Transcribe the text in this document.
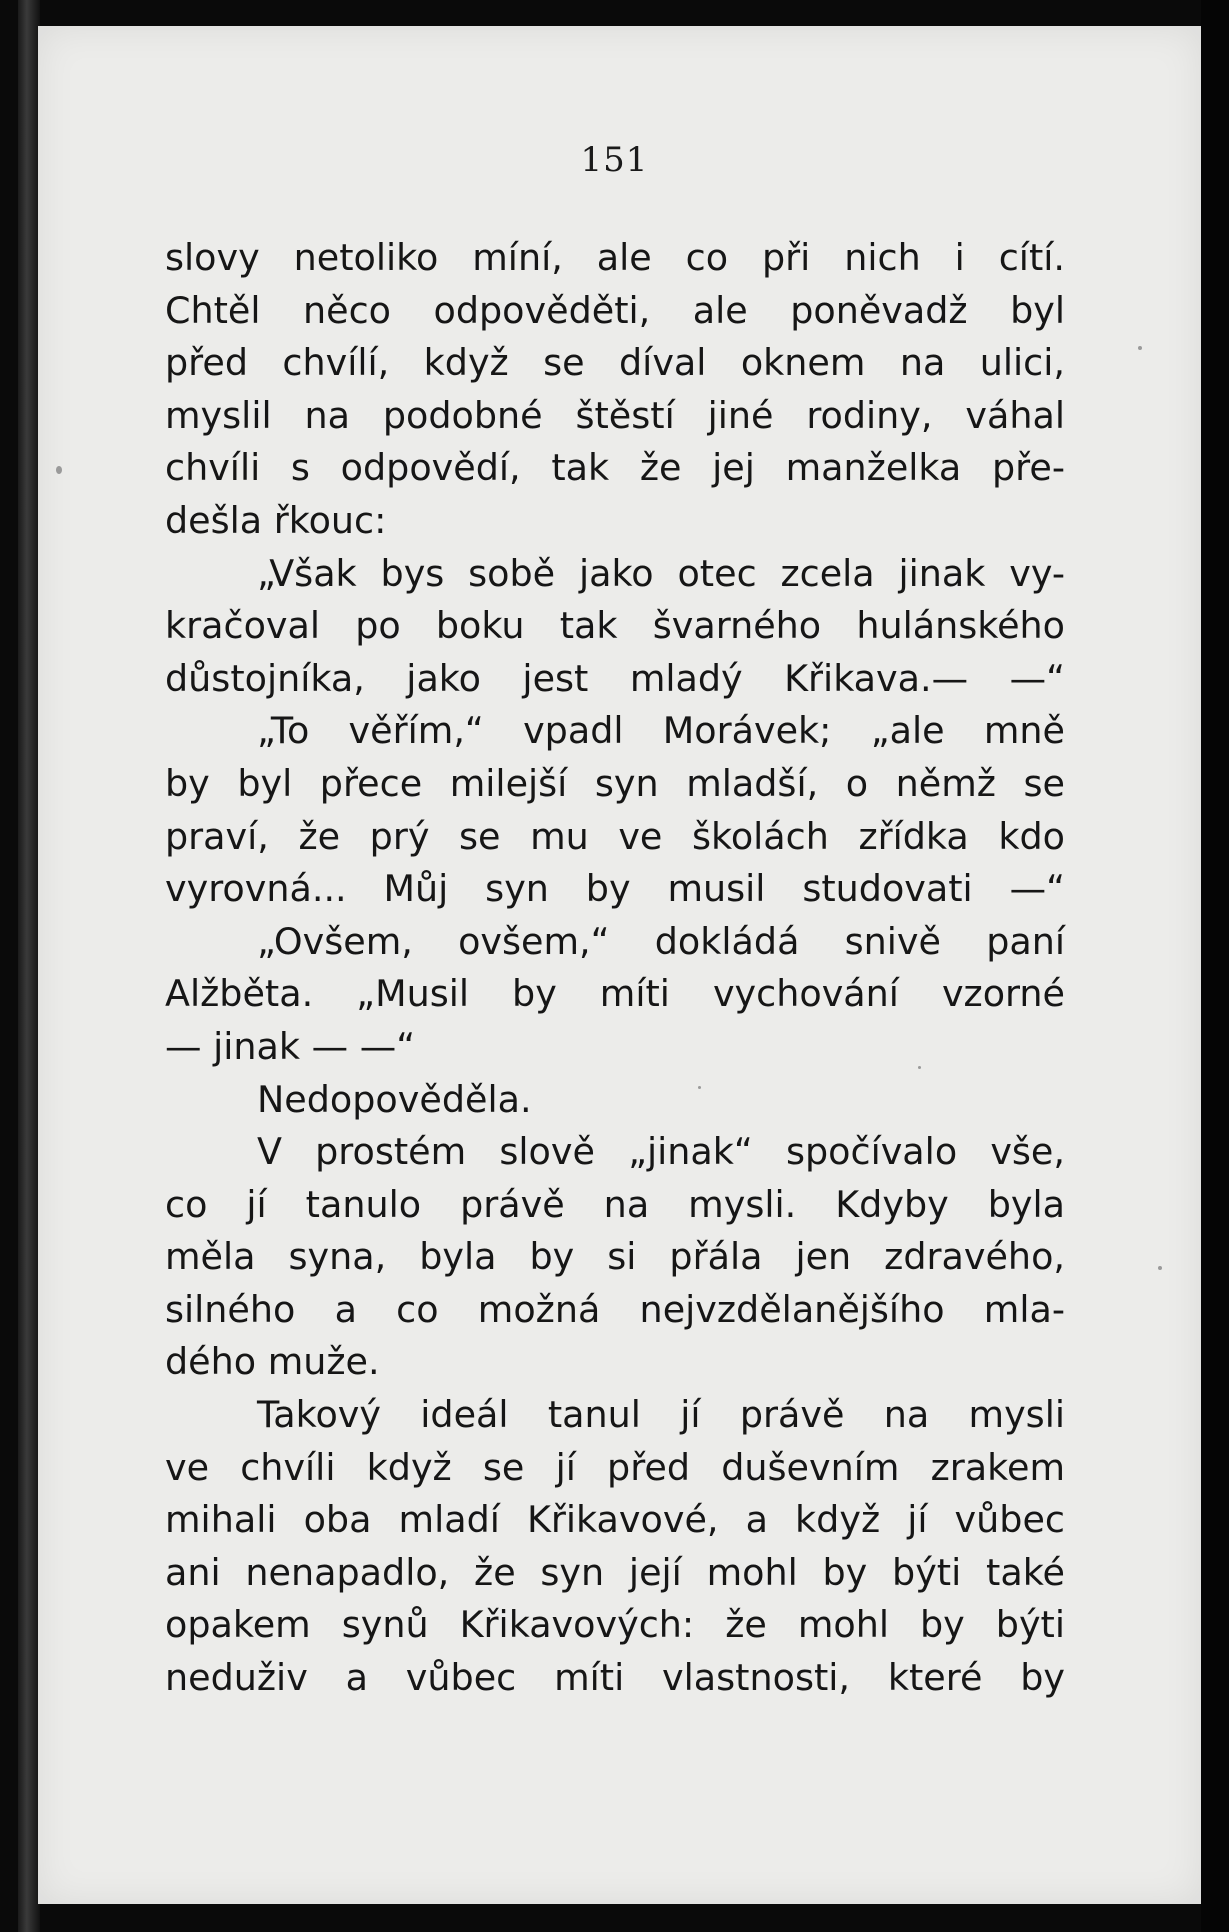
151
slovy netoliko míní, ale co při nich i cítí.
Chtěl něco odpověděti, ale poněvadž byl
před chvílí, když se díval oknem na ulici,
myslil na podobné štěstí jiné rodiny, váhal
chvíli s odpovědí, tak že jej manželka pře-
dešla řkouc:
„Však bys sobě jako otec zcela jinak vy-
kračoval po boku tak švarného hulánského
důstojníka, jako jest mladý Křikava.— —“
„To věřím,“ vpadl Morávek; „ale mně
by byl přece milejší syn mladší, o němž se
praví, že prý se mu ve školách zřídka kdo
vyrovná... Můj syn by musil studovati —“
„Ovšem, ovšem,“ dokládá snivě paní
Alžběta. „Musil by míti vychování vzorné
— jinak — —“
Nedopověděla.
V prostém slově „jinak“ spočívalo vše,
co jí tanulo právě na mysli. Kdyby byla
měla syna, byla by si přála jen zdravého,
silného a co možná nejvzdělanějšího mla-
dého muže.
Takový ideál tanul jí právě na mysli
ve chvíli když se jí před duševním zrakem
mihali oba mladí Křikavové, a když jí vůbec
ani nenapadlo, že syn její mohl by býti také
opakem synů Křikavových: že mohl by býti
neduživ a vůbec míti vlastnosti, které by
